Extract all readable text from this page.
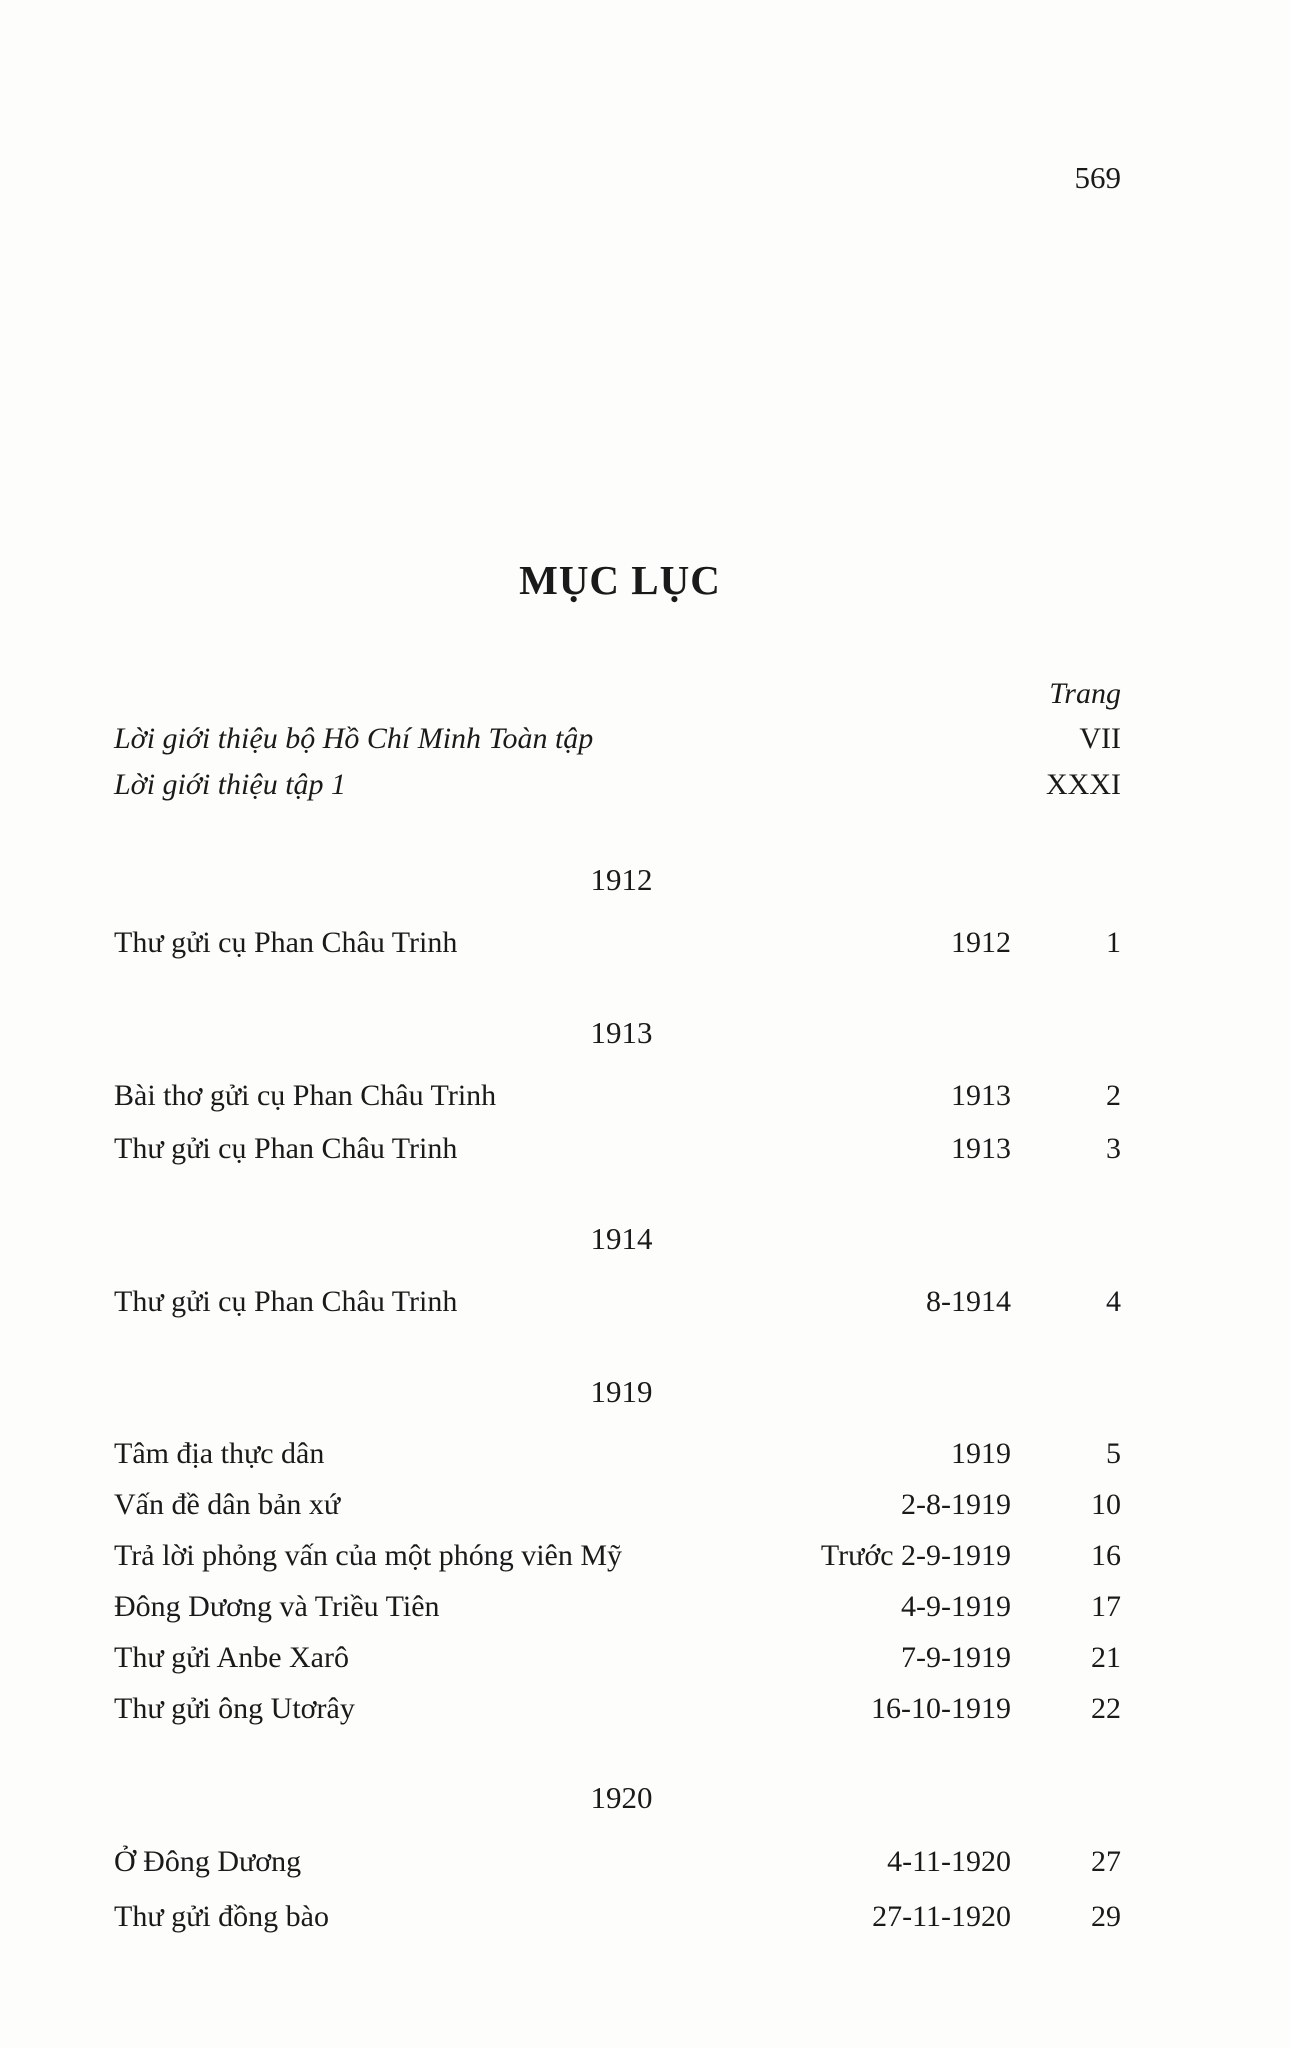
569
MỤC LỤC
Trang
Lời giới thiệu bộ Hồ Chí Minh Toàn tập	VII
Lời giới thiệu tập 1	XXXI
1912
Thư gửi cụ Phan Châu Trinh	1912	1
1913
Bài thơ gửi cụ Phan Châu Trinh	1913	2
Thư gửi cụ Phan Châu Trinh	1913	3
1914
Thư gửi cụ Phan Châu Trinh	8-1914	4
1919
Tâm địa thực dân	1919	5
Vấn đề dân bản xứ	2-8-1919	10
Trả lời phỏng vấn của một phóng viên Mỹ	Trước 2-9-1919	16
Đông Dương và Triều Tiên	4-9-1919	17
Thư gửi Anbe Xarô	7-9-1919	21
Thư gửi ông Utơrây	16-10-1919	22
1920
Ở Đông Dương	4-11-1920	27
Thư gửi đồng bào	27-11-1920	29
